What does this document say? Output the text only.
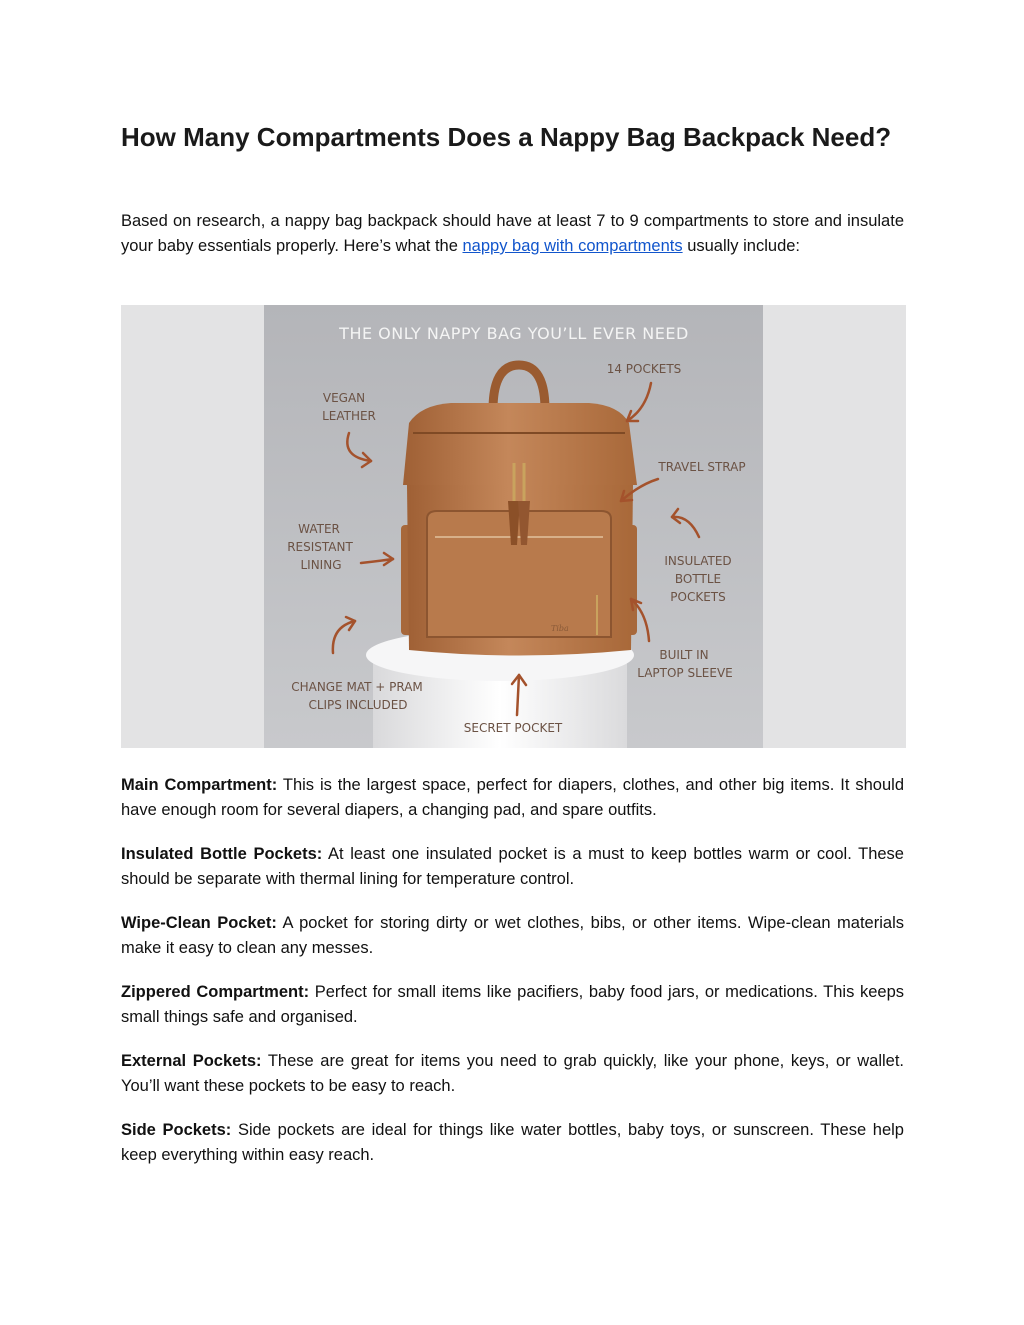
How Many Compartments Does a Nappy Bag Backpack Need?

Based on research, a nappy bag backpack should have at least 7 to 9 compartments to store and insulate your baby essentials properly. Here’s what the nappy bag with compartments usually include:

Tiba
THE ONLY NAPPY BAG YOU’LL EVER NEED
14 POCKETS
VEGAN
LEATHER
TRAVEL STRAP
WATER
RESISTANT
LINING	INSULATED
BOTTLE
POCKETS
BUILT IN
LAPTOP SLEEVE
CHANGE MAT + PRAM
CLIPS INCLUDED
SECRET POCKET

Main Compartment: This is the largest space, perfect for diapers, clothes, and other big items. It should have enough room for several diapers, a changing pad, and spare outfits.

Insulated Bottle Pockets: At least one insulated pocket is a must to keep bottles warm or cool. These should be separate with thermal lining for temperature control.

Wipe-Clean Pocket: A pocket for storing dirty or wet clothes, bibs, or other items. Wipe-clean materials make it easy to clean any messes.

Zippered Compartment: Perfect for small items like pacifiers, baby food jars, or medications. This keeps small things safe and organised.

External Pockets: These are great for items you need to grab quickly, like your phone, keys, or wallet. You’ll want these pockets to be easy to reach.

Side Pockets: Side pockets are ideal for things like water bottles, baby toys, or sunscreen. These help keep everything within easy reach.
